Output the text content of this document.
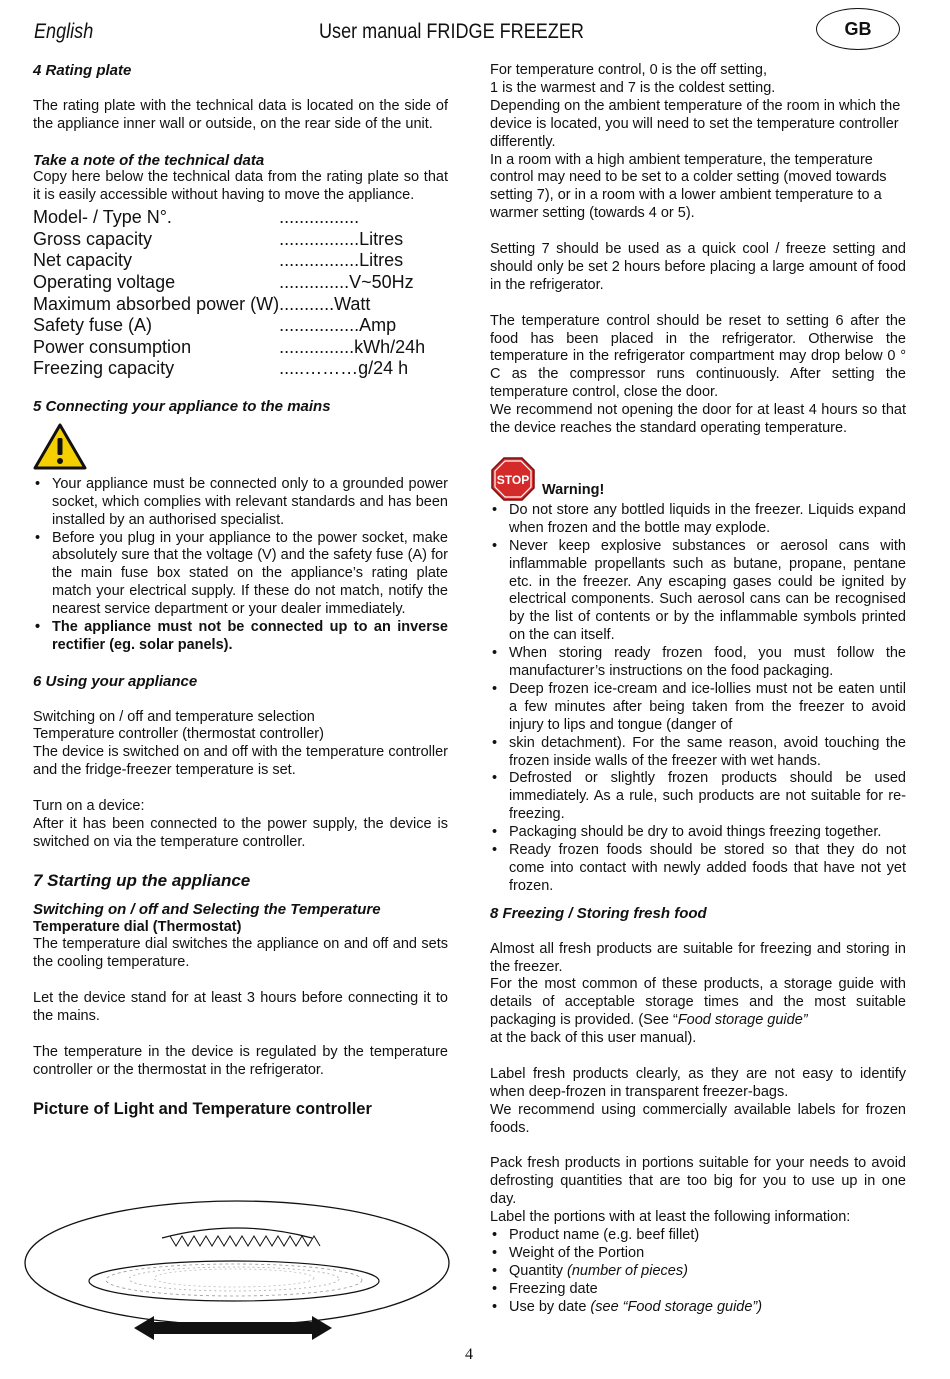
English	User manual FRIDGE FREEZER	GB

4 Rating plate

The rating plate with the technical data is located on the side of the appliance inner wall or outside, on the rear side of the unit.

Take a note of the technical data

Copy here below the technical data from the rating plate so that it is easily accessible without having to move the appliance.

Model- / Type N°.	................
Gross capacity	................Litres
Net capacity	................Litres
Operating voltage	..............V~50Hz
Maximum absorbed power (W)	...........Watt
Safety fuse (A)	................Amp
Power consumption	...............kWh/24h
Freezing capacity	.....………g/24 h

5 Connecting your appliance to the mains

• Your appliance must be connected only to a grounded power socket, which complies with relevant standards and has been installed by an authorised specialist.
• Before you plug in your appliance to the power socket, make absolutely sure that the voltage (V) and the safety fuse (A) for the main fuse box stated on the appliance’s rating plate match your electrical supply. If these do not match, notify the nearest service department or your dealer immediately.
• The appliance must not be connected up to an inverse rectifier (eg. solar panels).

6 Using your appliance

Switching on / off and temperature selection

Temperature controller (thermostat controller)

The device is switched on and off with the temperature controller and the fridge-freezer temperature is set.

Turn on a device:

After it has been connected to the power supply, the device is switched on via the temperature controller.

7 Starting up the appliance

Switching on / off and Selecting the Temperature

Temperature dial (Thermostat)

The temperature dial switches the appliance on and off and sets the cooling temperature.

Let the device stand for at least 3 hours before connecting it to the mains.

The temperature in the device is regulated by the temperature controller or the thermostat in the refrigerator.

Picture of Light and Temperature controller

For temperature control, 0 is the off setting,

1 is the warmest and 7 is the coldest setting.

Depending on the ambient temperature of the room in which the device is located, you will need to set the temperature controller differently.

In a room with a high ambient temperature, the temperature control may need to be set to a colder setting (moved towards setting 7), or in a room with a lower ambient temperature to a warmer setting (towards 4 or 5).

Setting 7 should be used as a quick cool / freeze setting and should only be set 2 hours before placing a large amount of food in the refrigerator.

The temperature control should be reset to setting 6 after the food has been placed in the refrigerator. Otherwise the temperature in the refrigerator compartment may drop below 0 ° C as the compressor runs continuously. After setting the temperature control, close the door.

We recommend not opening the door for at least 4 hours so that the device reaches the standard operating temperature.

STOP
Warning!
• Do not store any bottled liquids in the freezer. Liquids expand when frozen and the bottle may explode.
• Never keep explosive substances or aerosol cans with inflammable propellants such as butane, propane, pentane etc. in the freezer. Any escaping gases could be ignited by electrical components. Such aerosol cans can be recognised by the list of contents or by the inflammable symbols printed on the can itself.
• When storing ready frozen food, you must follow the manufacturer’s instructions on the food packaging.
• Deep frozen ice-cream and ice-lollies must not be eaten until a few minutes after being taken from the freezer to avoid injury to lips and tongue (danger of
• skin detachment). For the same reason, avoid touching the frozen inside walls of the freezer with wet hands.
• Defrosted or slightly frozen products should be used immediately. As a rule, such products are not suitable for re-freezing.
• Packaging should be dry to avoid things freezing together.
• Ready frozen foods should be stored so that they do not come into contact with newly added foods that have not yet frozen.

8 Freezing / Storing fresh food

Almost all fresh products are suitable for freezing and storing in the freezer.

For the most common of these products, a storage guide with details of acceptable storage times and the most suitable packaging is provided. (See “Food storage guide”

at the back of this user manual).

Label fresh products clearly, as they are not easy to identify when deep-frozen in transparent freezer-bags.

We recommend using commercially available labels for frozen foods.

Pack fresh products in portions suitable for your needs to avoid defrosting quantities that are too big for you to use up in one day.

Label the portions with at least the following information:

• Product name (e.g. beef fillet)
• Weight of the Portion
• Quantity (number of pieces)
• Freezing date
• Use by date (see “Food storage guide”)
4
